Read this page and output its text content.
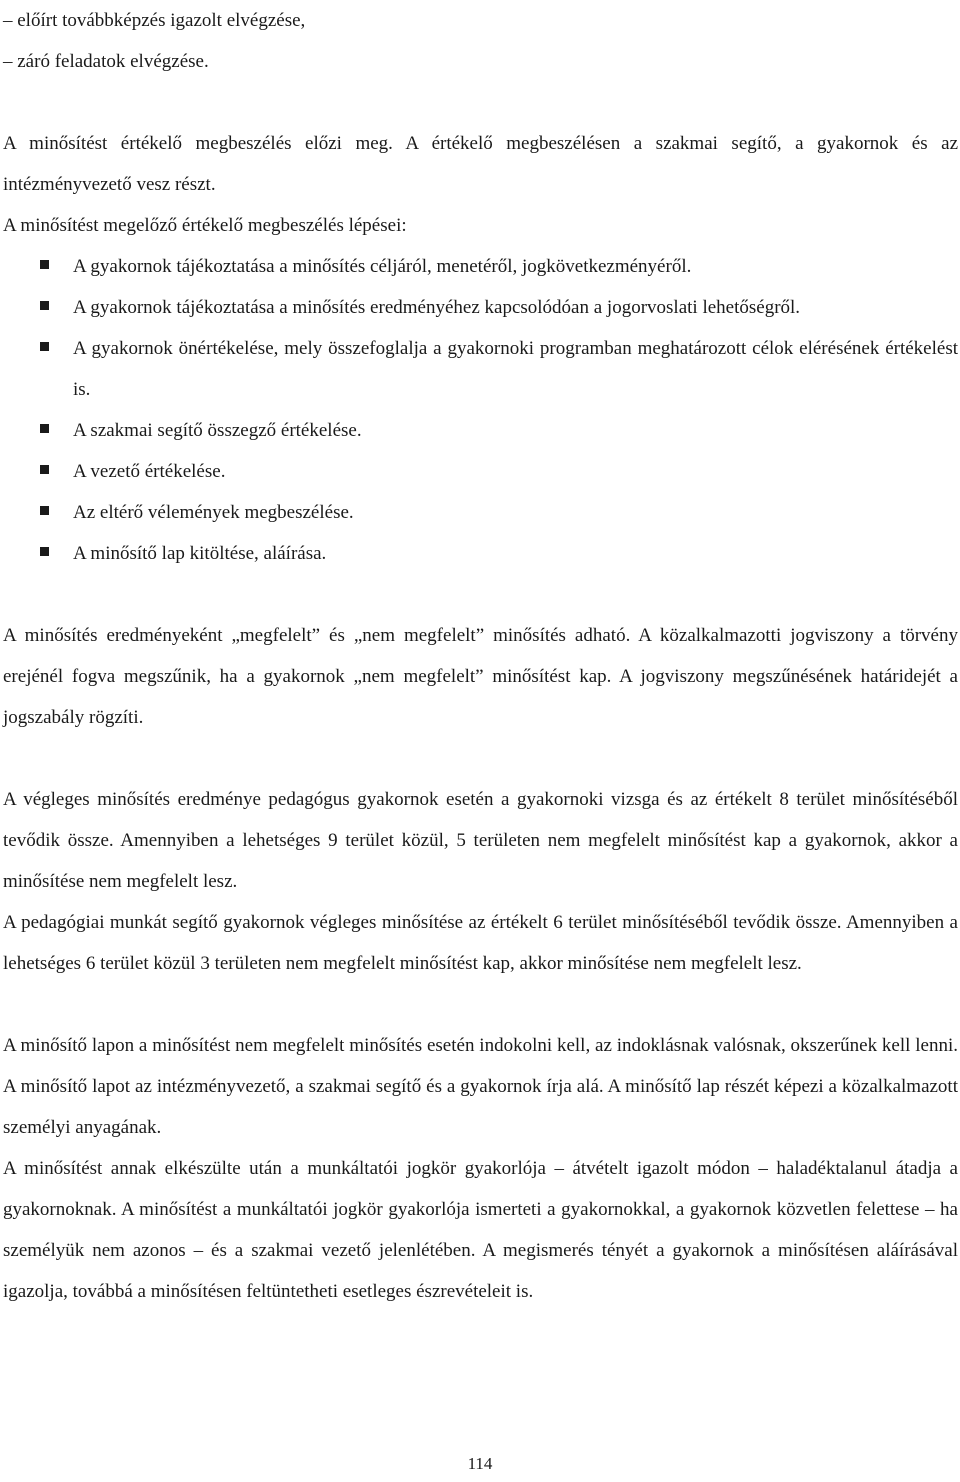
– előírt továbbképzés igazolt elvégzése,
– záró feladatok elvégzése.

A minősítést értékelő megbeszélés előzi meg. A értékelő megbeszélésen a szakmai segítő, a gyakornok és az intézményvezető vesz részt.

A minősítést megelőző értékelő megbeszélés lépései:

A gyakornok tájékoztatása a minősítés céljáról, menetéről, jogkövetkezményéről.
A gyakornok tájékoztatása a minősítés eredményéhez kapcsolódóan a jogorvoslati lehetőségről.
A gyakornok önértékelése, mely összefoglalja a gyakornoki programban meghatározott célok elérésének értékelést is.
A szakmai segítő összegző értékelése.
A vezető értékelése.
Az eltérő vélemények megbeszélése.
A minősítő lap kitöltése, aláírása.

A minősítés eredményeként „megfelelt” és „nem megfelelt” minősítés adható. A közalkalmazotti jogviszony a törvény erejénél fogva megszűnik, ha a gyakornok „nem megfelelt” minősítést kap. A jogviszony megszűnésének határidejét a jogszabály rögzíti.

A végleges minősítés eredménye pedagógus gyakornok esetén a gyakornoki vizsga és az értékelt 8 terület minősítéséből tevődik össze. Amennyiben a lehetséges 9 terület közül, 5 területen nem megfelelt minősítést kap a gyakornok, akkor a minősítése nem megfelelt lesz.

A pedagógiai munkát segítő gyakornok végleges minősítése az értékelt 6 terület minősítéséből tevődik össze. Amennyiben a lehetséges 6 terület közül 3 területen nem megfelelt minősítést kap, akkor minősítése nem megfelelt lesz.

A minősítő lapon a minősítést nem megfelelt minősítés esetén indokolni kell, az indoklásnak valósnak, okszerűnek kell lenni. A minősítő lapot az intézményvezető, a szakmai segítő és a gyakornok írja alá. A minősítő lap részét képezi a közalkalmazott személyi anyagának.

A minősítést annak elkészülte után a munkáltatói jogkör gyakorlója – átvételt igazolt módon – haladéktalanul átadja a gyakornoknak. A minősítést a munkáltatói jogkör gyakorlója ismerteti a gyakornokkal, a gyakornok közvetlen felettese – ha személyük nem azonos – és a szakmai vezető jelenlétében. A megismerés tényét a gyakornok a minősítésen aláírásával igazolja, továbbá a minősítésen feltüntetheti esetleges észrevételeit is.

114
